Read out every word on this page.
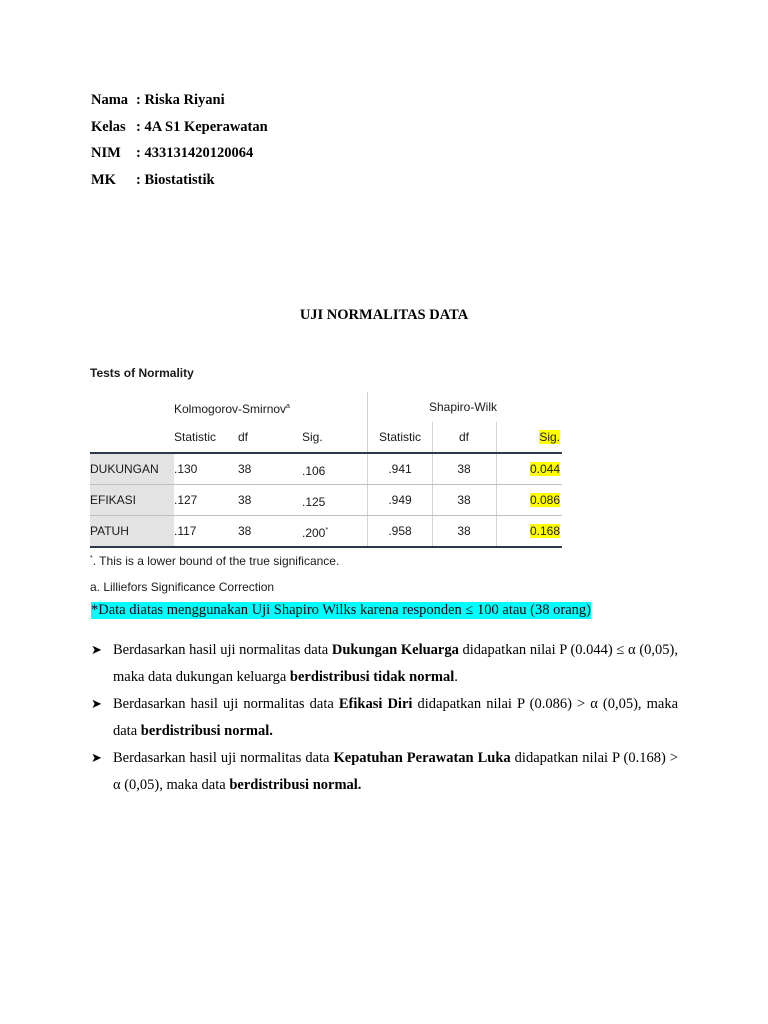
Nama : Riska Riyani
Kelas : 4A S1 Keperawatan
NIM	: 433131420120064
MK	: Biostatistik
UJI NORMALITAS DATA
Tests of Normality
Kolmogorov-Smirnov$^a$	Shapiro-Wilk
Statistic df	Sig.	Statistic	df	Sig.
DUKUNGAN	.130	38	.106	.941	38	0.044
EFIKASI	.127	38	.125	.949	38	0.086
PATUH	.117	38	.200*	.958	38	0.168
*. This is a lower bound of the true significance.
a. Lilliefors Significance Correction
*Data diatas menggunakan Uji Shapiro Wilks karena responden ≤ 100 atau (38 orang)
➤ Berdasarkan hasil uji normalitas data Dukungan Keluarga didapatkan nilai P (0.044) ≤ α (0,05), maka data dukungan keluarga berdistribusi tidak normal.
➤ Berdasarkan hasil uji normalitas data Efikasi Diri didapatkan nilai P (0.086) > α (0,05), maka data berdistribusi normal.
➤ Berdasarkan hasil uji normalitas data Kepatuhan Perawatan Luka didapatkan nilai P (0.168) > α (0,05), maka data berdistribusi normal.
